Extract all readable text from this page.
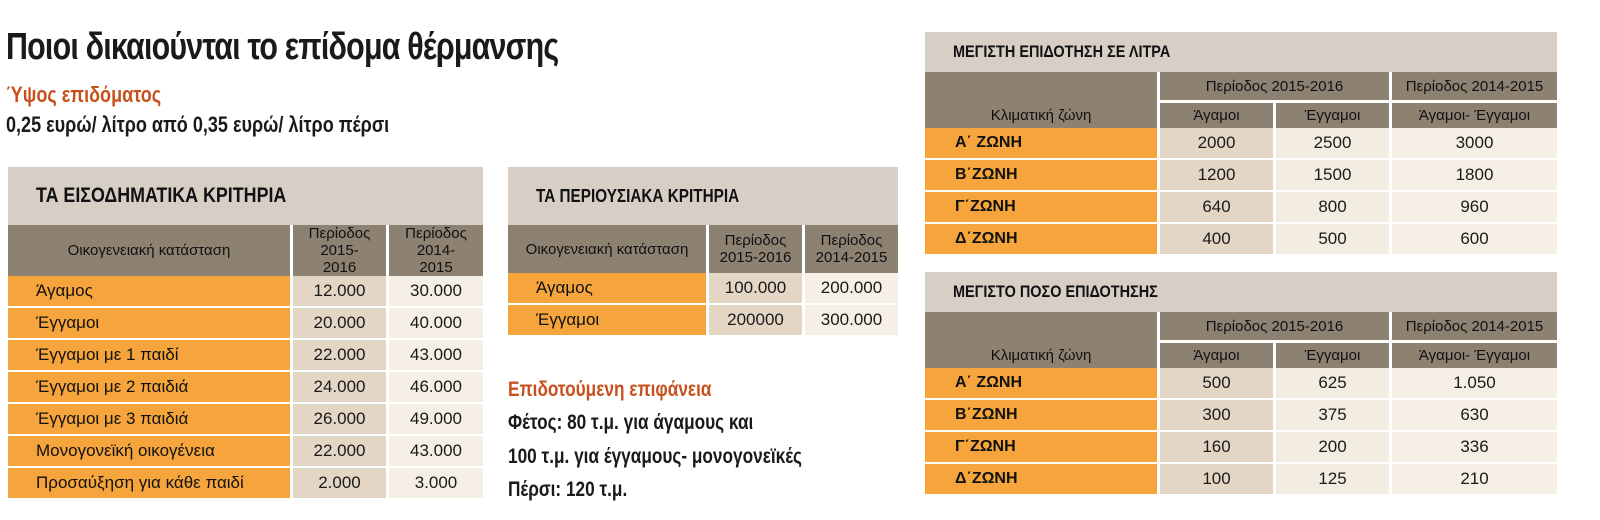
Ποιοι δικαιούνται το επίδομα θέρμανσης
Ύψος επιδόματος
0,25 ευρώ/ λίτρο από 0,35 ευρώ/ λίτρο πέρσι
ΤΑ ΕΙΣΟΔΗΜΑΤΙΚΑ ΚΡΙΤΗΡΙΑ
Οικογενειακή κατάσταση	Περίοδος 2015-2016	Περίοδος 2014-2015
Άγαμος	12.000	30.000
Έγγαμοι	20.000	40.000
Έγγαμοι με 1 παιδί	22.000	43.000
Έγγαμοι με 2 παιδιά	24.000	46.000
Έγγαμοι με 3 παιδιά	26.000	49.000
Μονογονεϊκή οικογένεια	22.000	43.000
Προσαύξηση για κάθε παιδί	2.000	3.000
ΤΑ ΠΕΡΙΟΥΣΙΑΚΑ ΚΡΙΤΗΡΙΑ
Οικογενειακή κατάσταση	Περίοδος 2015-2016	Περίοδος 2014-2015
Άγαμος	100.000	200.000
Έγγαμοι	200000	300.000
Επιδοτούμενη επιφάνεια
Φέτος: 80 τ.μ. για άγαμους και
100 τ.μ. για έγγαμους- μονογονεϊκές
Πέρσι: 120 τ.μ.
ΜΕΓΙΣΤΗ ΕΠΙΔΟΤΗΣΗ ΣΕ ΛΙΤΡΑ
Κλιματική ζώνη	Περίοδος 2015-2016		Περίοδος 2014-2015
	Άγαμοι	Έγγαμοι	Άγαμοι- Έγγαμοι
Α΄ ΖΩΝΗ	2000	2500	3000
Β΄ΖΩΝΗ	1200	1500	1800
Γ΄ΖΩΝΗ	640	800	960
Δ΄ΖΩΝΗ	400	500	600
ΜΕΓΙΣΤΟ ΠΟΣΟ ΕΠΙΔΟΤΗΣΗΣ
Κλιματική ζώνη	Περίοδος 2015-2016		Περίοδος 2014-2015
	Άγαμοι	Έγγαμοι	Άγαμοι- Έγγαμοι
Α΄ ΖΩΝΗ	500	625	1.050
Β΄ΖΩΝΗ	300	375	630
Γ΄ΖΩΝΗ	160	200	336
Δ΄ΖΩΝΗ	100	125	210
